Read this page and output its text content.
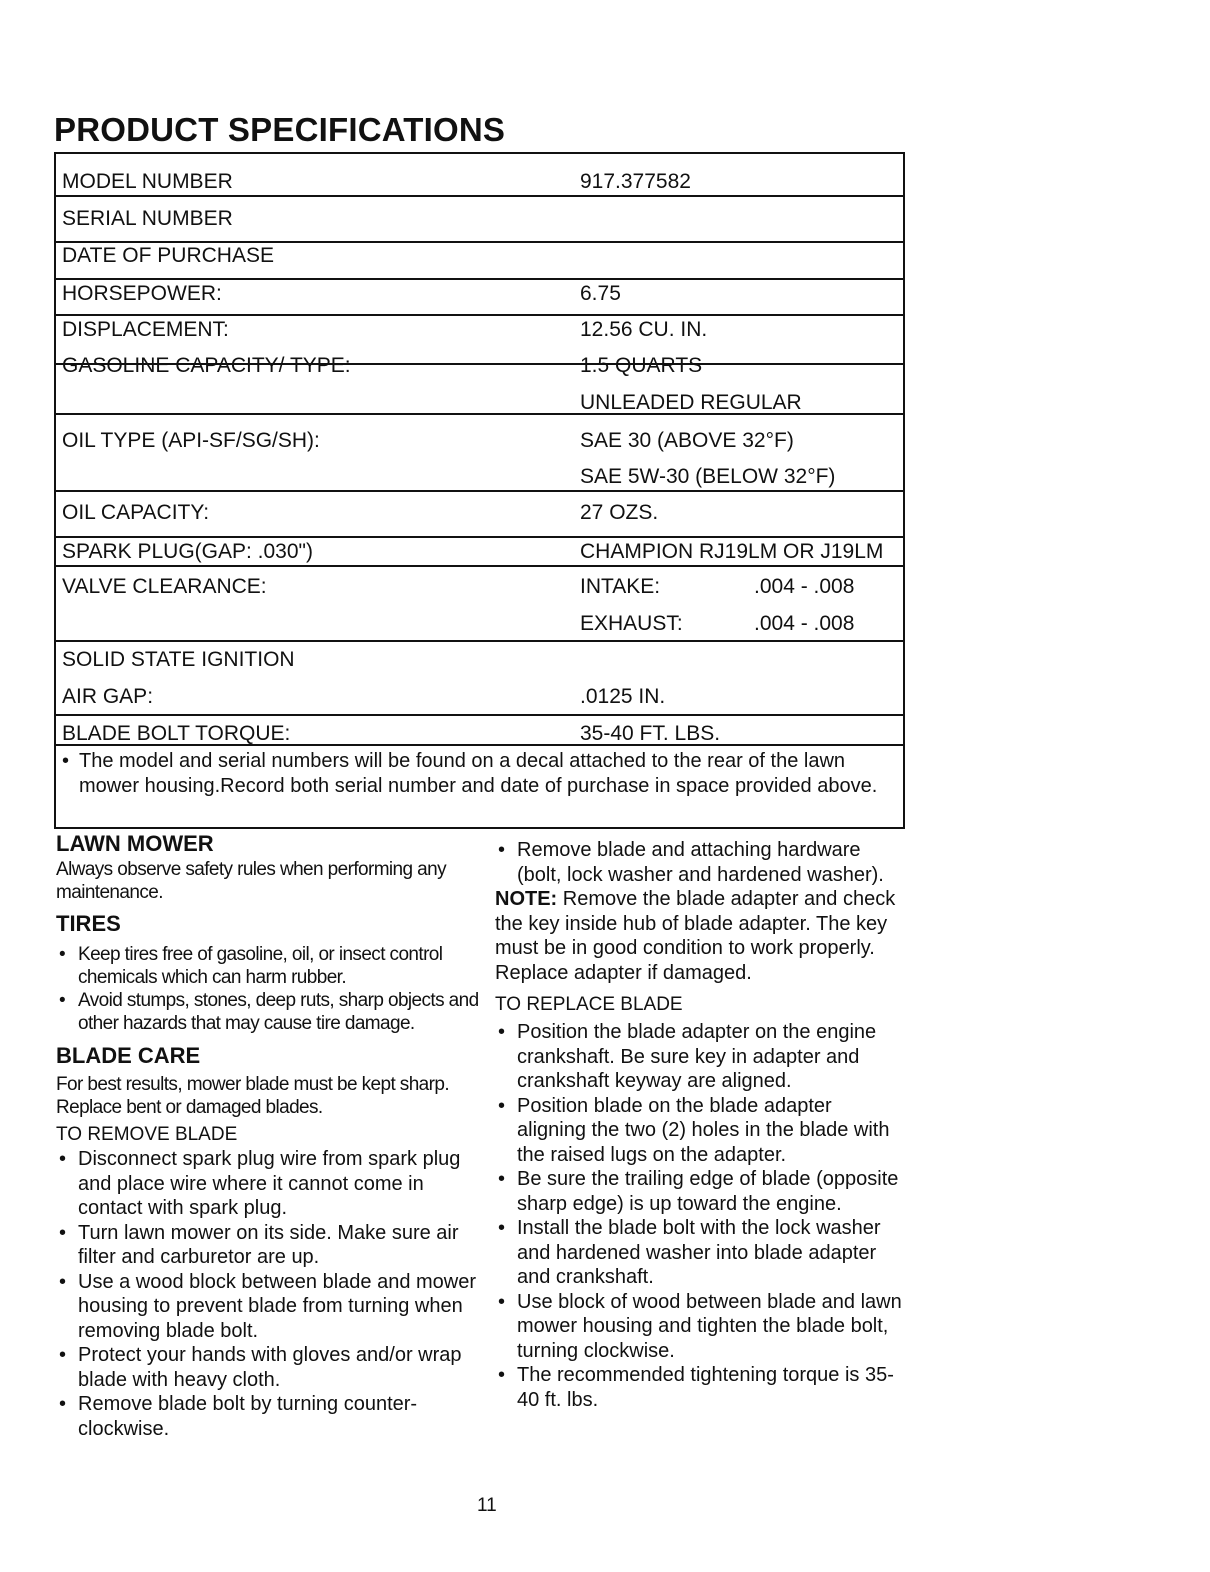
PRODUCT SPECIFICATIONS
MODEL NUMBER	917.377582
SERIAL NUMBER
DATE OF PURCHASE
HORSEPOWER:	6.75
DISPLACEMENT:	12.56 CU. IN.
GASOLINE CAPACITY/ TYPE:	1.5 QUARTS
UNLEADED REGULAR
OIL TYPE (API-SF/SG/SH):	SAE 30 (ABOVE 32°F)
SAE 5W-30 (BELOW 32°F)
OIL CAPACITY:	27 OZS.
SPARK PLUG(GAP: .030")	CHAMPION RJ19LM OR J19LM
VALVE CLEARANCE:	INTAKE:	.004 - .008
EXHAUST:	.004 - .008
SOLID STATE IGNITION
AIR GAP:	.0125 IN.
BLADE BOLT TORQUE:	35-40 FT. LBS.
• The model and serial numbers will be found on a decal attached to the rear of the lawn mower housing.Record both serial number and date of purchase in space provided above.
LAWN MOWER

Always observe safety rules when performing any maintenance.

TIRES
• Keep tires free of gasoline, oil, or insect control chemicals which can harm rubber.
• Avoid stumps, stones, deep ruts, sharp objects and other hazards that may cause tire damage.
BLADE CARE

For best results, mower blade must be kept sharp. Replace bent or damaged blades.

TO REMOVE BLADE

• Disconnect spark plug wire from spark plug and place wire where it cannot come in contact with spark plug.
• Turn lawn mower on its side. Make sure air filter and carburetor are up.
• Use a wood block between blade and mower housing to prevent blade from turning when removing blade bolt.
• Protect your hands with gloves and/or wrap blade with heavy cloth.
• Remove blade bolt by turning counter-clockwise.
• Remove blade and attaching hardware (bolt, lock washer and hardened washer).

NOTE: Remove the blade adapter and check the key inside hub of blade adapter. The key must be in good condition to work properly. Replace adapter if damaged.

TO REPLACE BLADE

• Position the blade adapter on the engine crankshaft. Be sure key in adapter and crankshaft keyway are aligned.
• Position blade on the blade adapter aligning the two (2) holes in the blade with the raised lugs on the adapter.
• Be sure the trailing edge of blade (opposite sharp edge) is up toward the engine.
• Install the blade bolt with the lock washer and hardened washer into blade adapter and crankshaft.
• Use block of wood between blade and lawn mower housing and tighten the blade bolt, turning clockwise.
• The recommended tightening torque is 35-40 ft. lbs.
11
